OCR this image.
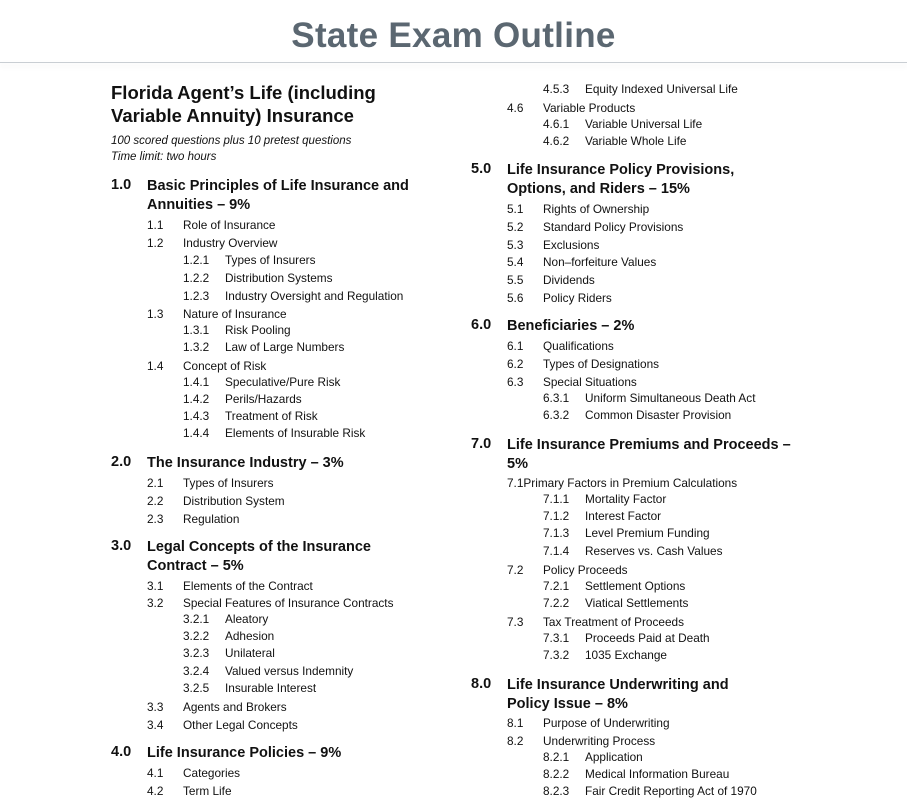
State Exam Outline
Florida Agent’s Life (including
Variable Annuity) Insurance
100 scored questions plus 10 pretest questions
Time limit: two hours
1.0 Basic Principles of Life Insurance and
Annuities – 9%
1.1 Role of Insurance
1.2 Industry Overview
1.2.1 Types of Insurers
1.2.2 Distribution Systems
1.2.3 Industry Oversight and Regulation
1.3 Nature of Insurance
1.3.1 Risk Pooling
1.3.2 Law of Large Numbers
1.4 Concept of Risk
1.4.1 Speculative/Pure Risk
1.4.2 Perils/Hazards
1.4.3 Treatment of Risk
1.4.4 Elements of Insurable Risk
2.0 The Insurance Industry – 3%
2.1 Types of Insurers
2.2 Distribution System
2.3 Regulation
3.0 Legal Concepts of the Insurance
Contract – 5%
3.1 Elements of the Contract
3.2 Special Features of Insurance Contracts
3.2.1 Aleatory
3.2.2 Adhesion
3.2.3 Unilateral
3.2.4 Valued versus Indemnity
3.2.5 Insurable Interest
3.3 Agents and Brokers
3.4 Other Legal Concepts
4.0 Life Insurance Policies – 9%
4.1 Categories
4.2 Term Life
4.5.3 Equity Indexed Universal Life
4.6 Variable Products
4.6.1 Variable Universal Life
4.6.2 Variable Whole Life
5.0 Life Insurance Policy Provisions,
Options, and Riders – 15%
5.1 Rights of Ownership
5.2 Standard Policy Provisions
5.3 Exclusions
5.4 Non–forfeiture Values
5.5 Dividends
5.6 Policy Riders
6.0 Beneficiaries – 2%
6.1 Qualifications
6.2 Types of Designations
6.3 Special Situations
6.3.1 Uniform Simultaneous Death Act
6.3.2 Common Disaster Provision
7.0 Life Insurance Premiums and Proceeds –
5%
7.1Primary Factors in Premium Calculations
7.1.1 Mortality Factor
7.1.2 Interest Factor
7.1.3 Level Premium Funding
7.1.4 Reserves vs. Cash Values
7.2 Policy Proceeds
7.2.1 Settlement Options
7.2.2 Viatical Settlements
7.3 Tax Treatment of Proceeds
7.3.1 Proceeds Paid at Death
7.3.2 1035 Exchange
8.0 Life Insurance Underwriting and
Policy Issue – 8%
8.1 Purpose of Underwriting
8.2 Underwriting Process
8.2.1 Application
8.2.2 Medical Information Bureau
8.2.3 Fair Credit Reporting Act of 1970
